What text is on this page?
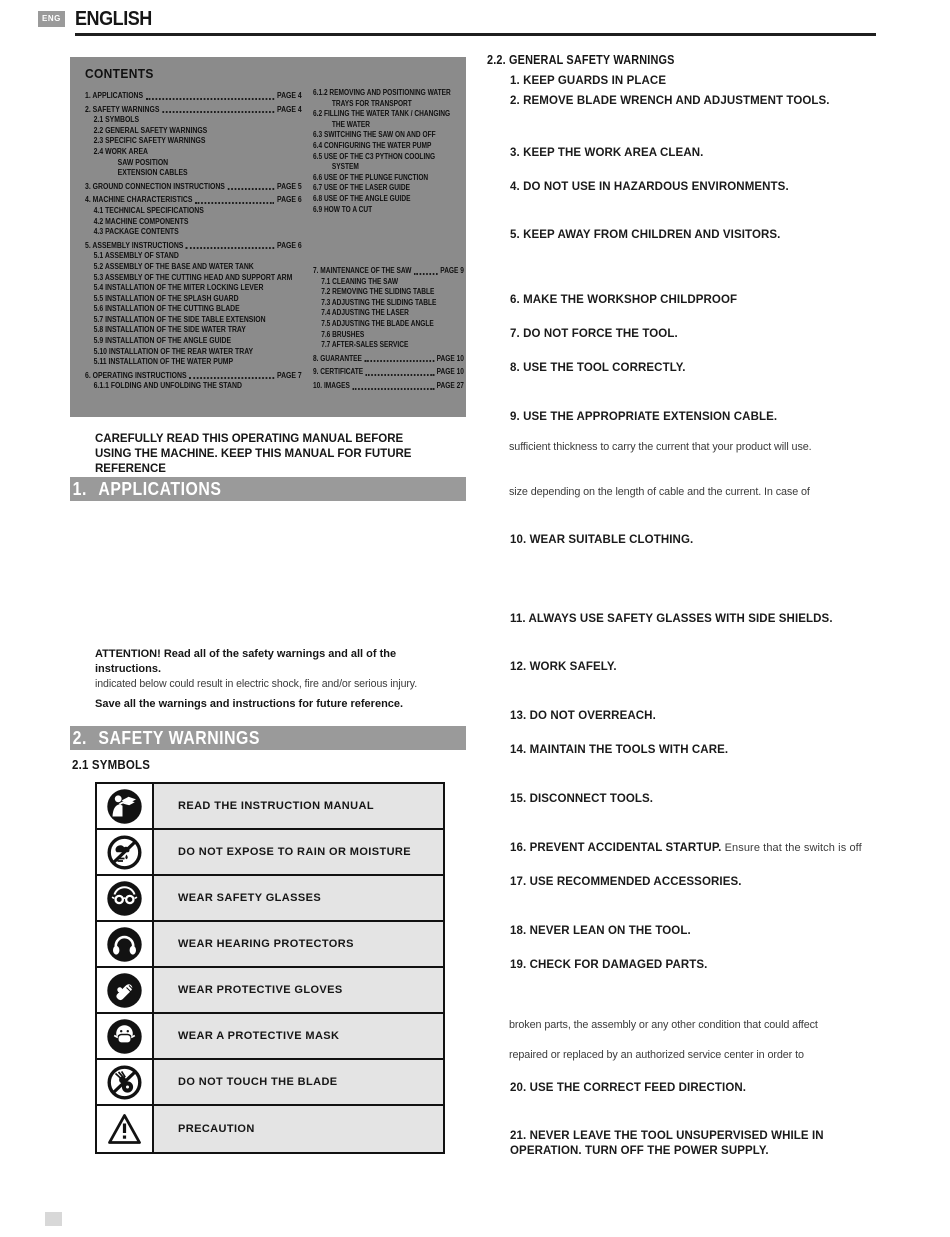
ENG ENGLISH
CONTENTS
1. APPLICATIONS	PAGE 4
2. SAFETY WARNINGS	PAGE 4
2.1 SYMBOLS
2.2 GENERAL SAFETY WARNINGS
2.3 SPECIFIC SAFETY WARNINGS
2.4 WORK AREA
SAW POSITION
EXTENSION CABLES
3. GROUND CONNECTION INSTRUCTIONS	PAGE 5
4. MACHINE CHARACTERISTICS	PAGE 6
4.1 TECHNICAL SPECIFICATIONS
4.2 MACHINE COMPONENTS
4.3 PACKAGE CONTENTS
5. ASSEMBLY INSTRUCTIONS	PAGE 6
5.1 ASSEMBLY OF STAND
5.2 ASSEMBLY OF THE BASE AND WATER TANK
5.3 ASSEMBLY OF THE CUTTING HEAD AND SUPPORT ARM
5.4 INSTALLATION OF THE MITER LOCKING LEVER
5.5 INSTALLATION OF THE SPLASH GUARD
5.6 INSTALLATION OF THE CUTTING BLADE
5.7 INSTALLATION OF THE SIDE TABLE EXTENSION
5.8 INSTALLATION OF THE SIDE WATER TRAY
5.9 INSTALLATION OF THE ANGLE GUIDE
5.10 INSTALLATION OF THE REAR WATER TRAY
5.11 INSTALLATION OF THE WATER PUMP
6. OPERATING INSTRUCTIONS	PAGE 7
6.1.1 FOLDING AND UNFOLDING THE STAND
6.1.2 REMOVING AND POSITIONING WATER TRAYS FOR TRANSPORT
6.2 FILLING THE WATER TANK / CHANGING THE WATER
6.3 SWITCHING THE SAW ON AND OFF
6.4 CONFIGURING THE WATER PUMP
6.5 USE OF THE C3 PYTHON COOLING SYSTEM
6.6 USE OF THE PLUNGE FUNCTION
6.7 USE OF THE LASER GUIDE
6.8 USE OF THE ANGLE GUIDE
6.9 HOW TO A CUT
7. MAINTENANCE OF THE SAW	PAGE 9
7.1 CLEANING THE SAW
7.2 REMOVING THE SLIDING TABLE
7.3 ADJUSTING THE SLIDING TABLE
7.4 ADJUSTING THE LASER
7.5 ADJUSTING THE BLADE ANGLE
7.6 BRUSHES
7.7 AFTER-SALES SERVICE
8. GUARANTEE	PAGE 10
9. CERTIFICATE	PAGE 10
10. IMAGES	PAGE 27
CAREFULLY READ THIS OPERATING MANUAL BEFORE USING THE MACHINE. KEEP THIS MANUAL FOR FUTURE REFERENCE
1. APPLICATIONS
ATTENTION! Read all of the safety warnings and all of the instructions.
indicated below could result in electric shock, fire and/or serious injury.
Save all the warnings and instructions for future reference.
2. SAFETY WARNINGS
2.1 SYMBOLS
READ THE INSTRUCTION MANUAL
DO NOT EXPOSE TO RAIN OR MOISTURE
WEAR SAFETY GLASSES
WEAR HEARING PROTECTORS
WEAR PROTECTIVE GLOVES
WEAR A PROTECTIVE MASK
DO NOT TOUCH THE BLADE
PRECAUTION
2.2. GENERAL SAFETY WARNINGS
1. KEEP GUARDS IN PLACE
2. REMOVE BLADE WRENCH AND ADJUSTMENT TOOLS.
3. KEEP THE WORK AREA CLEAN.
4. DO NOT USE IN HAZARDOUS ENVIRONMENTS.
5. KEEP AWAY FROM CHILDREN AND VISITORS.
6. MAKE THE WORKSHOP CHILDPROOF
7. DO NOT FORCE THE TOOL.
8. USE THE TOOL CORRECTLY.
9. USE THE APPROPRIATE EXTENSION CABLE.
sufficient thickness to carry the current that your product will use.
size depending on the length of cable and the current. In case of
10. WEAR SUITABLE CLOTHING.
11. ALWAYS USE SAFETY GLASSES WITH SIDE SHIELDS.
12. WORK SAFELY.
13. DO NOT OVERREACH.
14. MAINTAIN THE TOOLS WITH CARE.
15. DISCONNECT TOOLS.
16. PREVENT ACCIDENTAL STARTUP. Ensure that the switch is off
17. USE RECOMMENDED ACCESSORIES.
18. NEVER LEAN ON THE TOOL.
19. CHECK FOR DAMAGED PARTS.
broken parts, the assembly or any other condition that could affect
repaired or replaced by an authorized service center in order to
20. USE THE CORRECT FEED DIRECTION.
21. NEVER LEAVE THE TOOL UNSUPERVISED WHILE IN OPERATION. TURN OFF THE POWER SUPPLY.
